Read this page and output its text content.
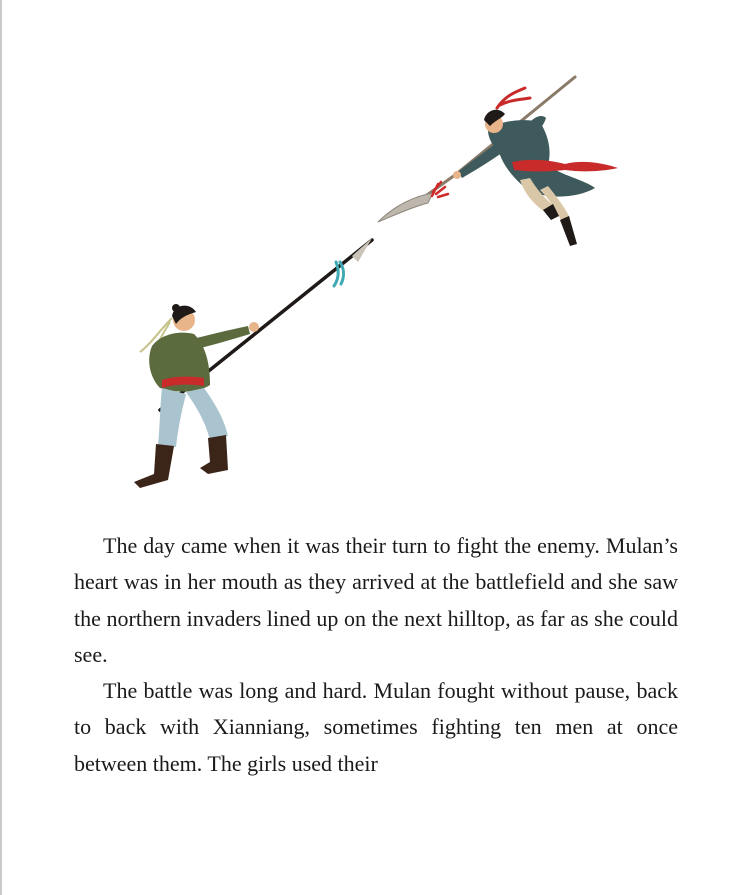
The day came when it was their turn to fight the enemy. Mulan’s heart was in her mouth as they arrived at the battlefield and she saw the northern invaders lined up on the next hilltop, as far as she could see.

The battle was long and hard. Mulan fought without pause, back to back with Xianniang, sometimes fighting ten men at once between them. The girls used their
